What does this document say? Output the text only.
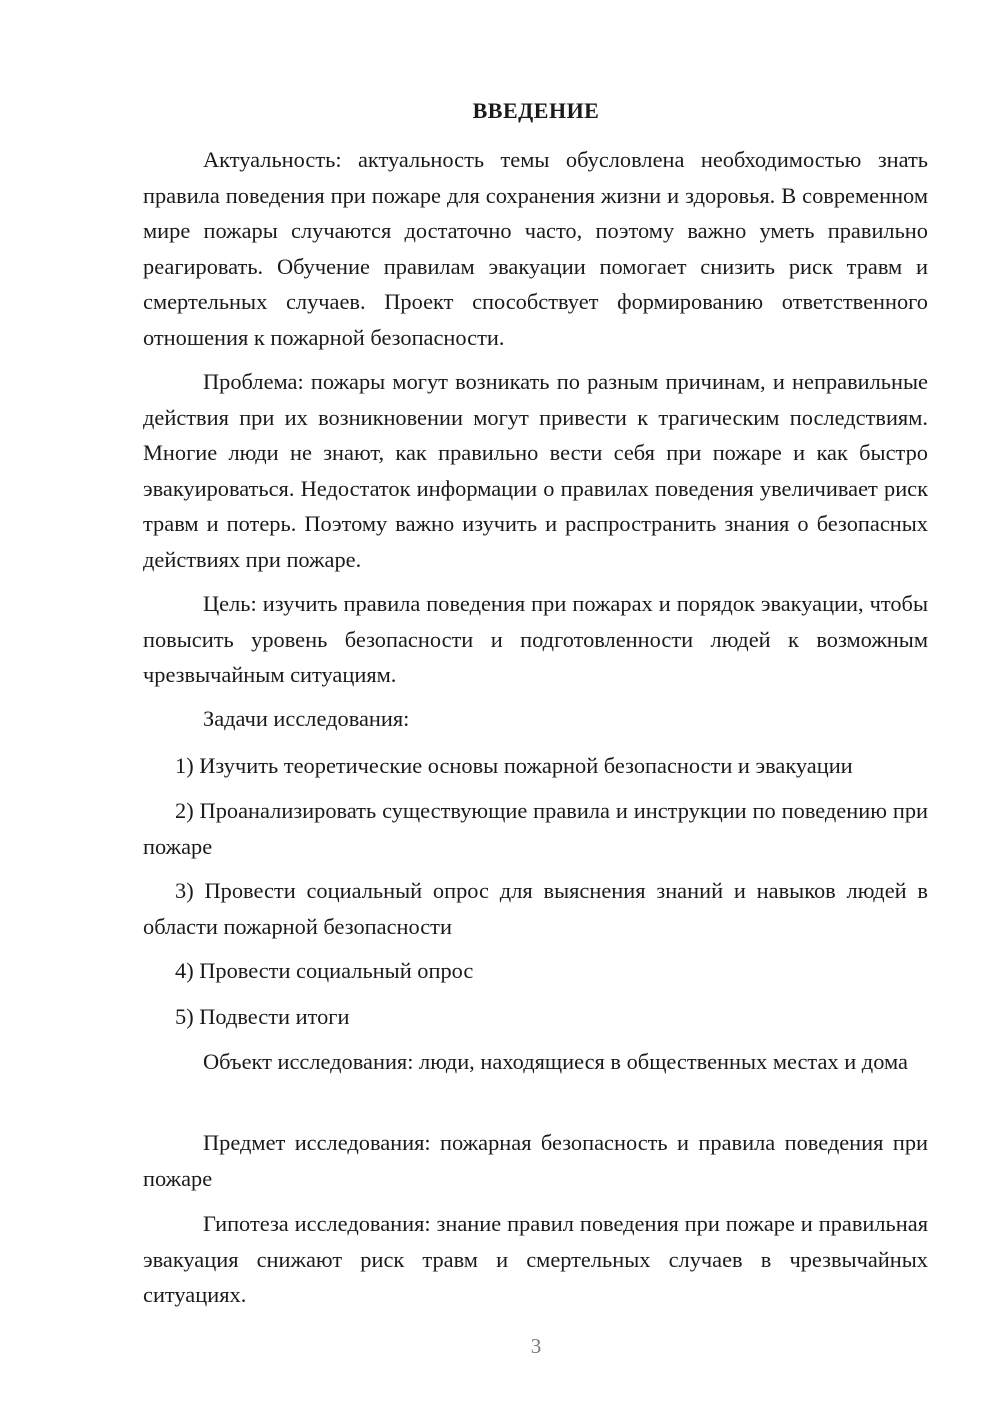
ВВЕДЕНИЕ

Актуальность: актуальность темы обусловлена необходимостью знать правила поведения при пожаре для сохранения жизни и здоровья. В современном мире пожары случаются достаточно часто, поэтому важно уметь правильно реагировать. Обучение правилам эвакуации помогает снизить риск травм и смертельных случаев. Проект способствует формированию ответственного отношения к пожарной безопасности.

Проблема: пожары могут возникать по разным причинам, и неправильные действия при их возникновении могут привести к трагическим последствиям. Многие люди не знают, как правильно вести себя при пожаре и как быстро эвакуироваться. Недостаток информации о правилах поведения увеличивает риск травм и потерь. Поэтому важно изучить и распространить знания о безопасных действиях при пожаре.

Цель: изучить правила поведения при пожарах и порядок эвакуации, чтобы повысить уровень безопасности и подготовленности людей к возможным чрезвычайным ситуациям.

Задачи исследования:

1) Изучить теоретические основы пожарной безопасности и эвакуации

2) Проанализировать существующие правила и инструкции по поведению при пожаре

3) Провести социальный опрос для выяснения знаний и навыков людей в области пожарной безопасности

4) Провести социальный опрос

5) Подвести итоги

Объект исследования: люди, находящиеся в общественных местах и дома

Предмет исследования: пожарная безопасность и правила поведения при пожаре

Гипотеза исследования: знание правил поведения при пожаре и правильная эвакуация снижают риск травм и смертельных случаев в чрезвычайных ситуациях.

3
